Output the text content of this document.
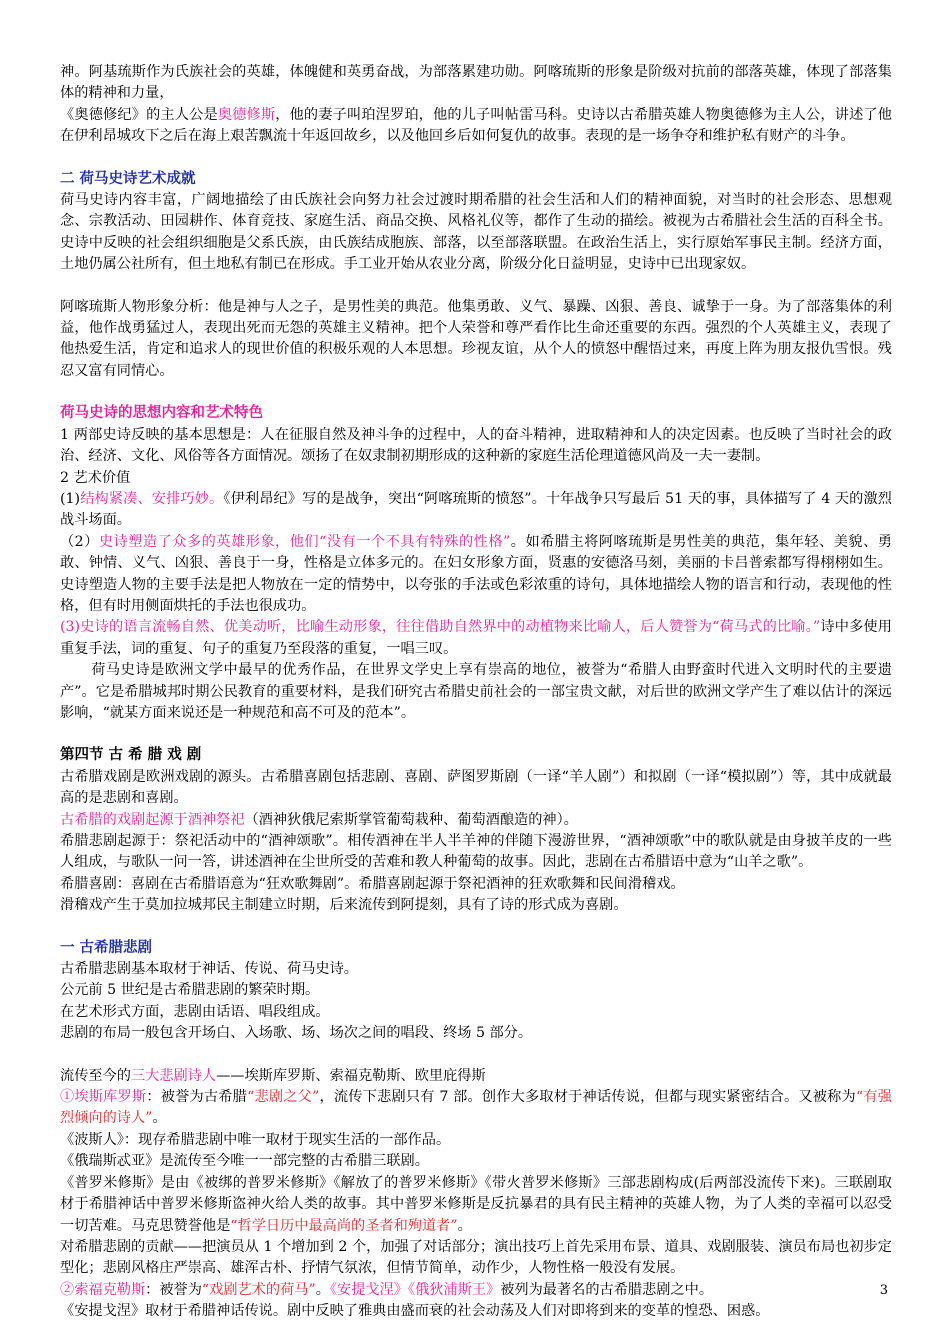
神。阿基琉斯作为氏族社会的英雄，体魄健和英勇奋战，为部落累建功勋。阿喀琉斯的形象是阶级对抗前的部落英雄，体现了部落集体的精神和力量，

《奥德修纪》的主人公是奥德修斯，他的妻子叫珀涅罗珀，他的儿子叫帖雷马科。史诗以古希腊英雄人物奥德修为主人公，讲述了他在伊利昂城攻下之后在海上艰苦飘流十年返回故乡，以及他回乡后如何复仇的故事。表现的是一场争夺和维护私有财产的斗争。

二 荷马史诗艺术成就

荷马史诗内容丰富，广阔地描绘了由氏族社会向努力社会过渡时期希腊的社会生活和人们的精神面貌，对当时的社会形态、思想观念、宗教活动、田园耕作、体育竞技、家庭生活、商品交换、风格礼仪等，都作了生动的描绘。被视为古希腊社会生活的百科全书。史诗中反映的社会组织细胞是父系氏族，由氏族结成胞族、部落，以至部落联盟。在政治生活上，实行原始军事民主制。经济方面，土地仍属公社所有，但土地私有制已在形成。手工业开始从农业分离，阶级分化日益明显，史诗中已出现家奴。

阿喀琉斯人物形象分析：他是神与人之子，是男性美的典范。他集勇敢、义气、暴躁、凶狠、善良、诚挚于一身。为了部落集体的利益，他作战勇猛过人，表现出死而无怨的英雄主义精神。把个人荣誉和尊严看作比生命还重要的东西。强烈的个人英雄主义，表现了他热爱生活，肯定和追求人的现世价值的积极乐观的人本思想。珍视友谊，从个人的愤怒中醒悟过来，再度上阵为朋友报仇雪恨。残忍又富有同情心。

荷马史诗的思想内容和艺术特色

1 两部史诗反映的基本思想是：人在征服自然及神斗争的过程中，人的奋斗精神，进取精神和人的决定因素。也反映了当时社会的政治、经济、文化、风俗等各方面情况。颂扬了在奴隶制初期形成的这种新的家庭生活伦理道德风尚及一夫一妻制。

2 艺术价值

(1)结构紧凑、安排巧妙。《伊利昂纪》写的是战争，突出“阿喀琉斯的愤怒”。十年战争只写最后 51 天的事，具体描写了 4 天的激烈战斗场面。

（2）史诗塑造了众多的英雄形象，他们“没有一个不具有特殊的性格”。如希腊主将阿喀琉斯是男性美的典范，集年轻、美貌、勇敢、钟情、义气、凶狠、善良于一身，性格是立体多元的。在妇女形象方面，贤惠的安德洛马刻，美丽的卡吕普索都写得栩栩如生。史诗塑造人物的主要手法是把人物放在一定的情势中，以夸张的手法或色彩浓重的诗句，具体地描绘人物的语言和行动，表现他的性格，但有时用侧面烘托的手法也很成功。

(3)史诗的语言流畅自然、优美动听，比喻生动形象，往往借助自然界中的动植物来比喻人，后人赞誉为“荷马式的比喻。”诗中多使用重复手法，词的重复、句子的重复乃至段落的重复，一唱三叹。

荷马史诗是欧洲文学中最早的优秀作品，在世界文学史上享有崇高的地位，被誉为“希腊人由野蛮时代进入文明时代的主要遗产”。它是希腊城邦时期公民教育的重要材料，是我们研究古希腊史前社会的一部宝贵文献，对后世的欧洲文学产生了难以估计的深远影响，“就某方面来说还是一种规范和高不可及的范本”。

第四节 古 希 腊 戏 剧

古希腊戏剧是欧洲戏剧的源头。古希腊喜剧包括悲剧、喜剧、萨图罗斯剧（一译“羊人剧”）和拟剧（一译“模拟剧”）等，其中成就最高的是悲剧和喜剧。

古希腊的戏剧起源于酒神祭祀（酒神狄俄尼索斯掌管葡萄栽种、葡萄酒酿造的神）。

希腊悲剧起源于：祭祀活动中的“酒神颂歌”。相传酒神在半人半羊神的伴随下漫游世界，“酒神颂歌”中的歌队就是由身披羊皮的一些人组成，与歌队一问一答，讲述酒神在尘世所受的苦难和教人种葡萄的故事。因此，悲剧在古希腊语中意为“山羊之歌”。

希腊喜剧：喜剧在古希腊语意为“狂欢歌舞剧”。希腊喜剧起源于祭祀酒神的狂欢歌舞和民间滑稽戏。

滑稽戏产生于莫加拉城邦民主制建立时期，后来流传到阿提刻，具有了诗的形式成为喜剧。

一 古希腊悲剧

古希腊悲剧基本取材于神话、传说、荷马史诗。

公元前 5 世纪是古希腊悲剧的繁荣时期。

在艺术形式方面，悲剧由话语、唱段组成。

悲剧的布局一般包含开场白、入场歌、场、场次之间的唱段、终场 5 部分。

流传至今的三大悲剧诗人——埃斯库罗斯、索福克勒斯、欧里庇得斯

①埃斯库罗斯：被誉为古希腊“悲剧之父”，流传下悲剧只有 7 部。创作大多取材于神话传说，但都与现实紧密结合。又被称为“有强烈倾向的诗人”。

《波斯人》：现存希腊悲剧中唯一取材于现实生活的一部作品。

《俄瑞斯忒亚》是流传至今唯一一部完整的古希腊三联剧。

《普罗米修斯》是由《被绑的普罗米修斯》《解放了的普罗米修斯》《带火普罗米修斯》三部悲剧构成(后两部没流传下来)。三联剧取材于希腊神话中普罗米修斯盗神火给人类的故事。其中普罗米修斯是反抗暴君的具有民主精神的英雄人物，为了人类的幸福可以忍受一切苦难。马克思赞誉他是“哲学日历中最高尚的圣者和殉道者”。

对希腊悲剧的贡献——把演员从 1 个增加到 2 个，加强了对话部分；演出技巧上首先采用布景、道具、戏剧服装、演员布局也初步定型化；悲剧风格庄严崇高、雄浑古朴、抒情气氛浓，但情节简单，动作少，人物性格一般没有发展。

②索福克勒斯：被誉为“戏剧艺术的荷马”。《安提戈涅》《俄狄浦斯王》被列为最著名的古希腊悲剧之中。

《安提戈涅》取材于希腊神话传说。剧中反映了雅典由盛而衰的社会动荡及人们对即将到来的变革的惶恐、困惑。

3
